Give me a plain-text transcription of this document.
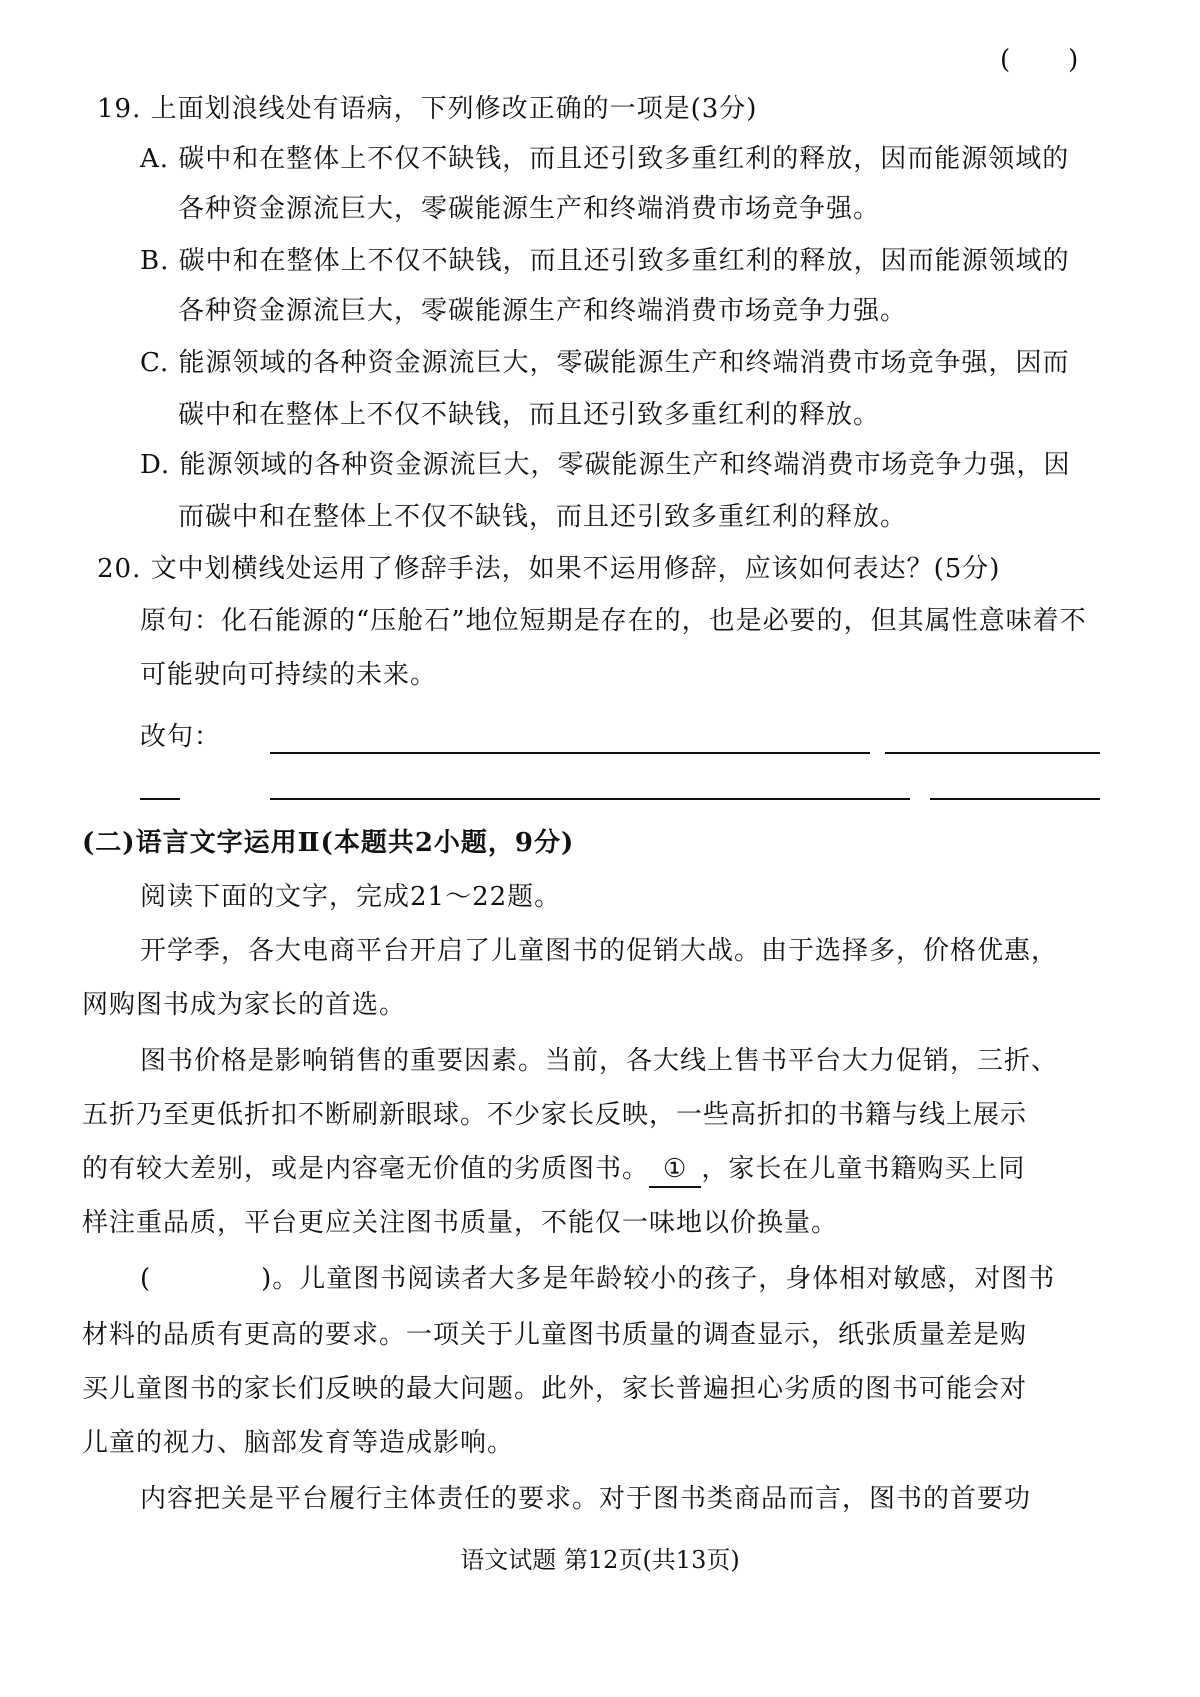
( )
19. 上面划浪线处有语病，下列修改正确的一项是(3分)
A. 碳中和在整体上不仅不缺钱，而且还引致多重红利的释放，因而能源领域的
各种资金源流巨大，零碳能源生产和终端消费市场竞争强。
B. 碳中和在整体上不仅不缺钱，而且还引致多重红利的释放，因而能源领域的
各种资金源流巨大，零碳能源生产和终端消费市场竞争力强。
C. 能源领域的各种资金源流巨大，零碳能源生产和终端消费市场竞争强，因而
碳中和在整体上不仅不缺钱，而且还引致多重红利的释放。
D. 能源领域的各种资金源流巨大，零碳能源生产和终端消费市场竞争力强，因
而碳中和在整体上不仅不缺钱，而且还引致多重红利的释放。
20. 文中划横线处运用了修辞手法，如果不运用修辞，应该如何表达？(5分)
原句：化石能源的“压舱石”地位短期是存在的，也是必要的，但其属性意味着不
可能驶向可持续的未来。
改句：
(二)语言文字运用Ⅱ(本题共2小题，9分)
阅读下面的文字，完成21～22题。
开学季，各大电商平台开启了儿童图书的促销大战。由于选择多，价格优惠，
网购图书成为家长的首选。
图书价格是影响销售的重要因素。当前，各大线上售书平台大力促销，三折、
五折乃至更低折扣不断刷新眼球。不少家长反映，一些高折扣的书籍与线上展示
的有较大差别，或是内容毫无价值的劣质图书。 ① ，家长在儿童书籍购买上同
样注重品质，平台更应关注图书质量，不能仅一味地以价换量。
(	)。儿童图书阅读者大多是年龄较小的孩子，身体相对敏感，对图书
材料的品质有更高的要求。一项关于儿童图书质量的调查显示，纸张质量差是购
买儿童图书的家长们反映的最大问题。此外，家长普遍担心劣质的图书可能会对
儿童的视力、脑部发育等造成影响。
内容把关是平台履行主体责任的要求。对于图书类商品而言，图书的首要功
语文试题 第12页(共13页)
